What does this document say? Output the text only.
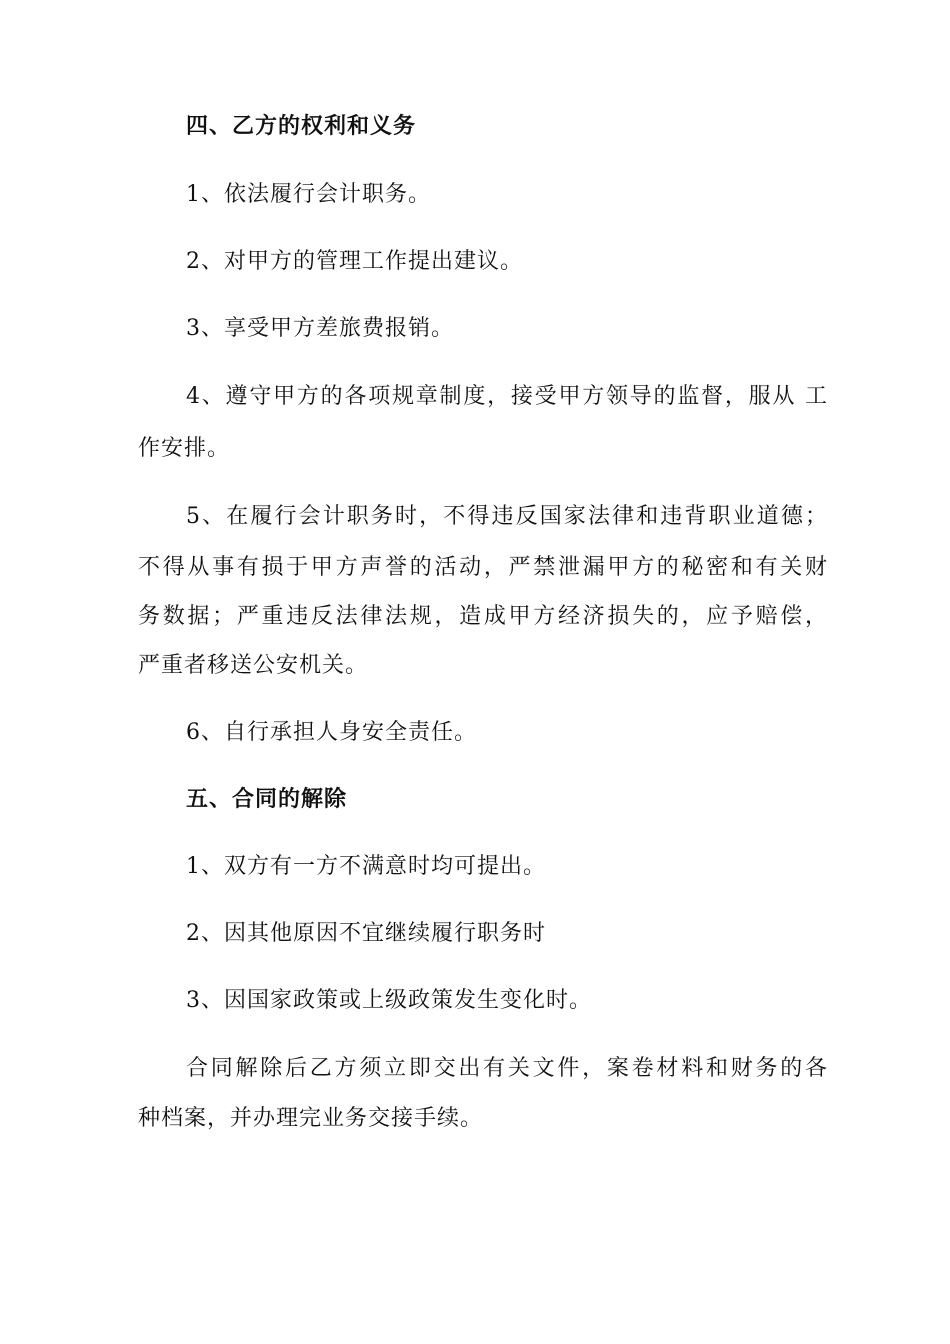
四、乙方的权利和义务
1、依法履行会计职务。
2、对甲方的管理工作提出建议。
3、享受甲方差旅费报销。
4、遵守甲方的各项规章制度，接受甲方领导的监督，服从 工
作安排。
5、在履行会计职务时，不得违反国家法律和违背职业道德；
不得从事有损于甲方声誉的活动，严禁泄漏甲方的秘密和有关财
务数据；严重违反法律法规，造成甲方经济损失的，应予赔偿，
严重者移送公安机关。
6、自行承担人身安全责任。
五、合同的解除
1、双方有一方不满意时均可提出。
2、因其他原因不宜继续履行职务时
3、因国家政策或上级政策发生变化时。
合同解除后乙方须立即交出有关文件，案卷材料和财务的各
种档案，并办理完业务交接手续。
